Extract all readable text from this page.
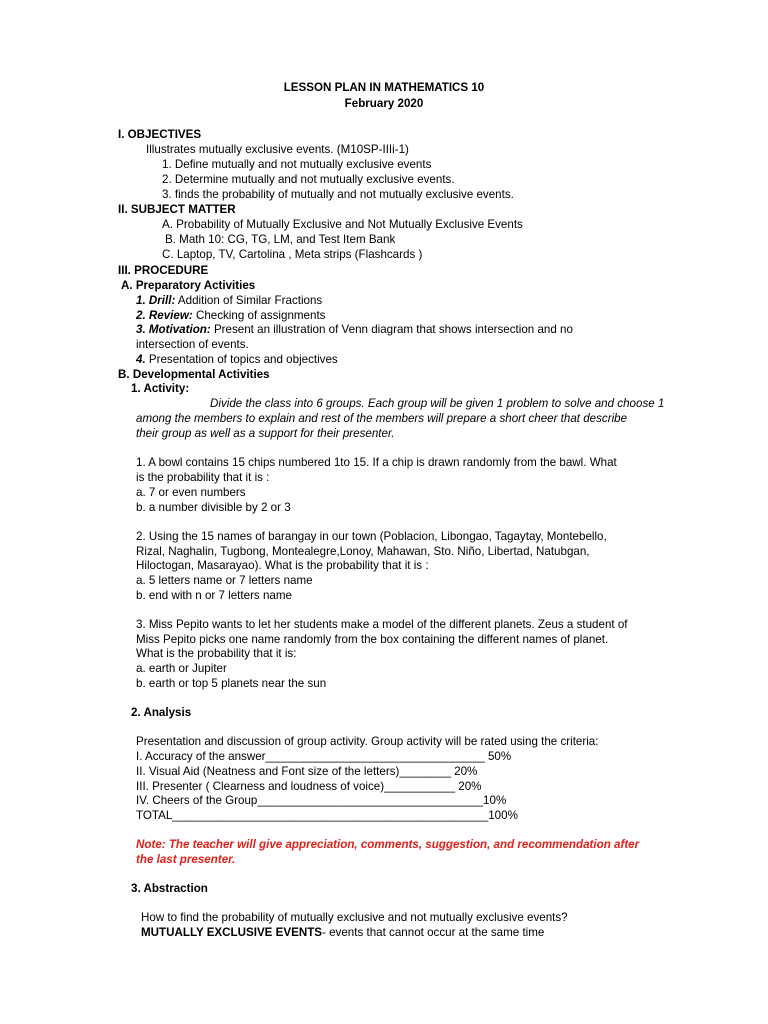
LESSON PLAN IN MATHEMATICS 10
February 2020
I. OBJECTIVES
Illustrates mutually exclusive events. (M10SP-IIIi-1)
1. Define mutually and not mutually exclusive events
2. Determine mutually and not mutually exclusive events.
3. finds the probability of mutually and not mutually exclusive events.
II. SUBJECT MATTER
A. Probability of Mutually Exclusive and Not Mutually Exclusive Events
B. Math 10: CG, TG, LM, and Test Item Bank
C. Laptop, TV, Cartolina , Meta strips (Flashcards )
III. PROCEDURE
A. Preparatory Activities
1. Drill: Addition of Similar Fractions
2. Review: Checking of assignments
3. Motivation: Present an illustration of Venn diagram that shows intersection and no
intersection of events.
4. Presentation of topics and objectives
B. Developmental Activities
1. Activity:
Divide the class into 6 groups. Each group will be given 1 problem to solve and choose 1
among the members to explain and rest of the members will prepare a short cheer that describe
their group as well as a support for their presenter.
1. A bowl contains 15 chips numbered 1to 15. If a chip is drawn randomly from the bawl. What
is the probability that it is :
a. 7 or even numbers
b. a number divisible by 2 or 3
2. Using the 15 names of barangay in our town (Poblacion, Libongao, Tagaytay, Montebello,
Rizal, Naghalin, Tugbong, Montealegre,Lonoy, Mahawan, Sto. Niño, Libertad, Natubgan,
Hiloctogan, Masarayao). What is the probability that it is :
a. 5 letters name or 7 letters name
b. end with n or 7 letters name
3. Miss Pepito wants to let her students make a model of the different planets. Zeus a student of
Miss Pepito picks one name randomly from the box containing the different names of planet.
What is the probability that it is:
a. earth or Jupiter
b. earth or top 5 planets near the sun
2. Analysis
Presentation and discussion of group activity. Group activity will be rated using the criteria:
I. Accuracy of the answer__________________________________ 50%
II. Visual Aid (Neatness and Font size of the letters)________ 20%
III. Presenter ( Clearness and loudness of voice)___________ 20%
IV. Cheers of the Group___________________________________10%
TOTAL_________________________________________________100%
Note: The teacher will give appreciation, comments, suggestion, and recommendation after
the last presenter.
3. Abstraction
How to find the probability of mutually exclusive and not mutually exclusive events?
MUTUALLY EXCLUSIVE EVENTS- events that cannot occur at the same time
